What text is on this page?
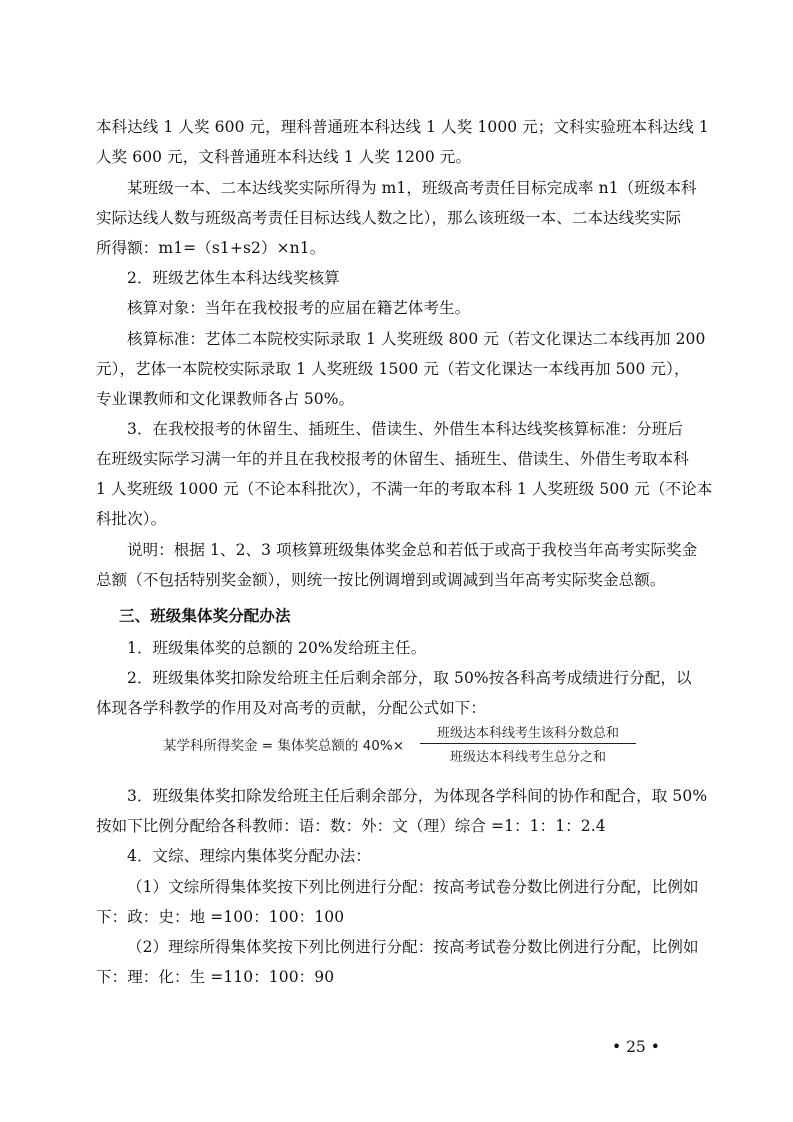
本科达线 1 人奖 600 元，理科普通班本科达线 1 人奖 1000 元；文科实验班本科达线 1
人奖 600 元，文科普通班本科达线 1 人奖 1200 元。
某班级一本、二本达线奖实际所得为 m1，班级高考责任目标完成率 n1（班级本科
实际达线人数与班级高考责任目标达线人数之比），那么该班级一本、二本达线奖实际
所得额：m1=（s1+s2）×n1。
2．班级艺体生本科达线奖核算
核算对象：当年在我校报考的应届在籍艺体考生。
核算标准：艺体二本院校实际录取 1 人奖班级 800 元（若文化课达二本线再加 200
元），艺体一本院校实际录取 1 人奖班级 1500 元（若文化课达一本线再加 500 元），
专业课教师和文化课教师各占 50%。
3．在我校报考的休留生、插班生、借读生、外借生本科达线奖核算标准：分班后
在班级实际学习满一年的并且在我校报考的休留生、插班生、借读生、外借生考取本科
1 人奖班级 1000 元（不论本科批次），不满一年的考取本科 1 人奖班级 500 元（不论本
科批次）。
说明：根据 1、2、3 项核算班级集体奖金总和若低于或高于我校当年高考实际奖金
总额（不包括特别奖金额），则统一按比例调增到或调减到当年高考实际奖金总额。
三、班级集体奖分配办法
1．班级集体奖的总额的 20%发给班主任。
2．班级集体奖扣除发给班主任后剩余部分，取 50%按各科高考成绩进行分配，以
体现各学科教学的作用及对高考的贡献，分配公式如下：
某学科所得奖金 = 集体奖总额的 40%×
班级达本科线考生该科分数总和
班级达本科线考生总分之和
3．班级集体奖扣除发给班主任后剩余部分，为体现各学科间的协作和配合，取 50%
按如下比例分配给各科教师：语：数：外：文（理）综合 =1：1：1：2.4
4．文综、理综内集体奖分配办法：
（1）文综所得集体奖按下列比例进行分配：按高考试卷分数比例进行分配，比例如
下：政：史：地 =100：100：100
（2）理综所得集体奖按下列比例进行分配：按高考试卷分数比例进行分配，比例如
下：理：化：生 =110：100：90
• 25 •
